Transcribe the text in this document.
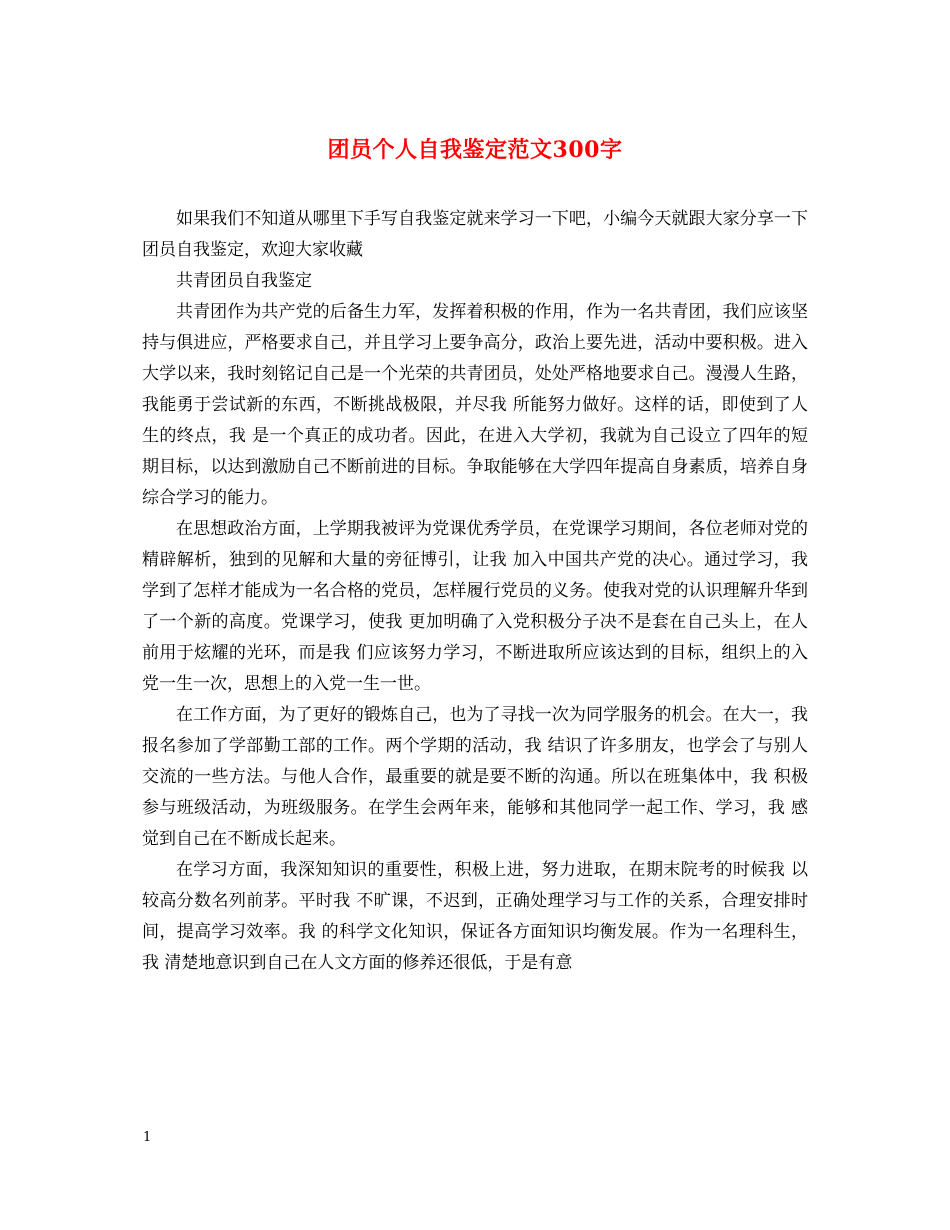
团员个人自我鉴定范文300字

如果我们不知道从哪里下手写自我鉴定就来学习一下吧，小编今天就跟大家分享一下团员自我鉴定，欢迎大家收藏

共青团员自我鉴定

共青团作为共产党的后备生力军，发挥着积极的作用，作为一名共青团，我们应该坚持与俱进应，严格要求自己，并且学习上要争高分，政治上要先进，活动中要积极。进入大学以来，我时刻铭记自己是一个光荣的共青团员，处处严格地要求自己。漫漫人生路，我能勇于尝试新的东西，不断挑战极限，并尽我 所能努力做好。这样的话，即使到了人生的终点，我 是一个真正的成功者。因此，在进入大学初，我就为自己设立了四年的短期目标，以达到激励自己不断前进的目标。争取能够在大学四年提高自身素质，培养自身综合学习的能力。

在思想政治方面，上学期我被评为党课优秀学员，在党课学习期间，各位老师对党的精辟解析，独到的见解和大量的旁征博引，让我 加入中国共产党的决心。通过学习，我 学到了怎样才能成为一名合格的党员，怎样履行党员的义务。使我对党的认识理解升华到了一个新的高度。党课学习，使我 更加明确了入党积极分子决不是套在自己头上，在人前用于炫耀的光环，而是我 们应该努力学习，不断进取所应该达到的目标，组织上的入党一生一次，思想上的入党一生一世。

在工作方面，为了更好的锻炼自己，也为了寻找一次为同学服务的机会。在大一，我报名参加了学部勤工部的工作。两个学期的活动，我 结识了许多朋友，也学会了与别人交流的一些方法。与他人合作，最重要的就是要不断的沟通。所以在班集体中，我 积极参与班级活动，为班级服务。在学生会两年来，能够和其他同学一起工作、学习，我 感觉到自己在不断成长起来。

在学习方面，我深知知识的重要性，积极上进，努力进取，在期末院考的时候我 以较高分数名列前茅。平时我 不旷课，不迟到，正确处理学习与工作的关系，合理安排时间，提高学习效率。我 的科学文化知识，保证各方面知识均衡发展。作为一名理科生，我 清楚地意识到自己在人文方面的修养还很低，于是有意

1
